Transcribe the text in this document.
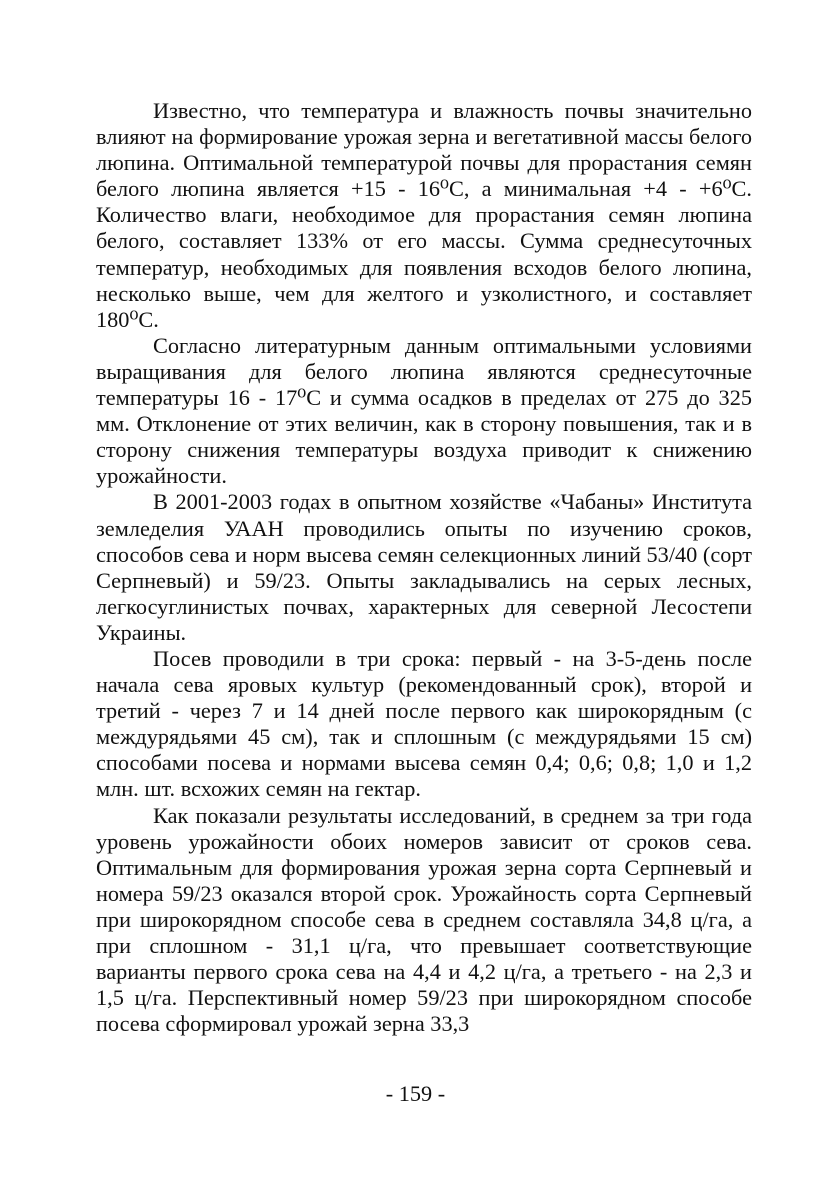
Известно, что температура и влажность почвы значительно влияют на формирование урожая зерна и вегетативной массы белого люпина. Оптимальной температурой почвы для прорастания семян белого люпина является +15 - 16⁰С, а минимальная +4 - +6⁰С. Количество влаги, необходимое для прорастания семян люпина белого, составляет 133% от его массы. Сумма среднесуточных температур, необходимых для появления всходов белого люпина, несколько выше, чем для желтого и узколистного, и составляет 180⁰С.

Согласно литературным данным оптимальными условиями выращивания для белого люпина являются среднесуточные температуры 16 - 17⁰С и сумма осадков в пределах от 275 до 325 мм. Отклонение от этих величин, как в сторону повышения, так и в сторону снижения температуры воздуха приводит к снижению урожайности.

В 2001-2003 годах в опытном хозяйстве «Чабаны» Института земледелия УААН проводились опыты по изучению сроков, способов сева и норм высева семян селекционных линий 53/40 (сорт Серпневый) и 59/23. Опыты закладывались на серых лесных, легкосуглинистых почвах, характерных для северной Лесостепи Украины.

Посев проводили в три срока: первый - на 3-5-день после начала сева яровых культур (рекомендованный срок), второй и третий - через 7 и 14 дней после первого как широкорядным (с междурядьями 45 см), так и сплошным (с междурядьями 15 см) способами посева и нормами высева семян 0,4; 0,6; 0,8; 1,0 и 1,2 млн. шт. всхожих семян на гектар.

Как показали результаты исследований, в среднем за три года уровень урожайности обоих номеров зависит от сроков сева. Оптимальным для формирования урожая зерна сорта Серпневый и номера 59/23 оказался второй срок. Урожайность сорта Серпневый при широкорядном способе сева в среднем составляла 34,8 ц/га, а при сплошном - 31,1 ц/га, что превышает соответствующие варианты первого срока сева на 4,4 и 4,2 ц/га, а третьего - на 2,3 и 1,5 ц/га. Перспективный номер 59/23 при широкорядном способе посева сформировал урожай зерна 33,3

- 159 -
